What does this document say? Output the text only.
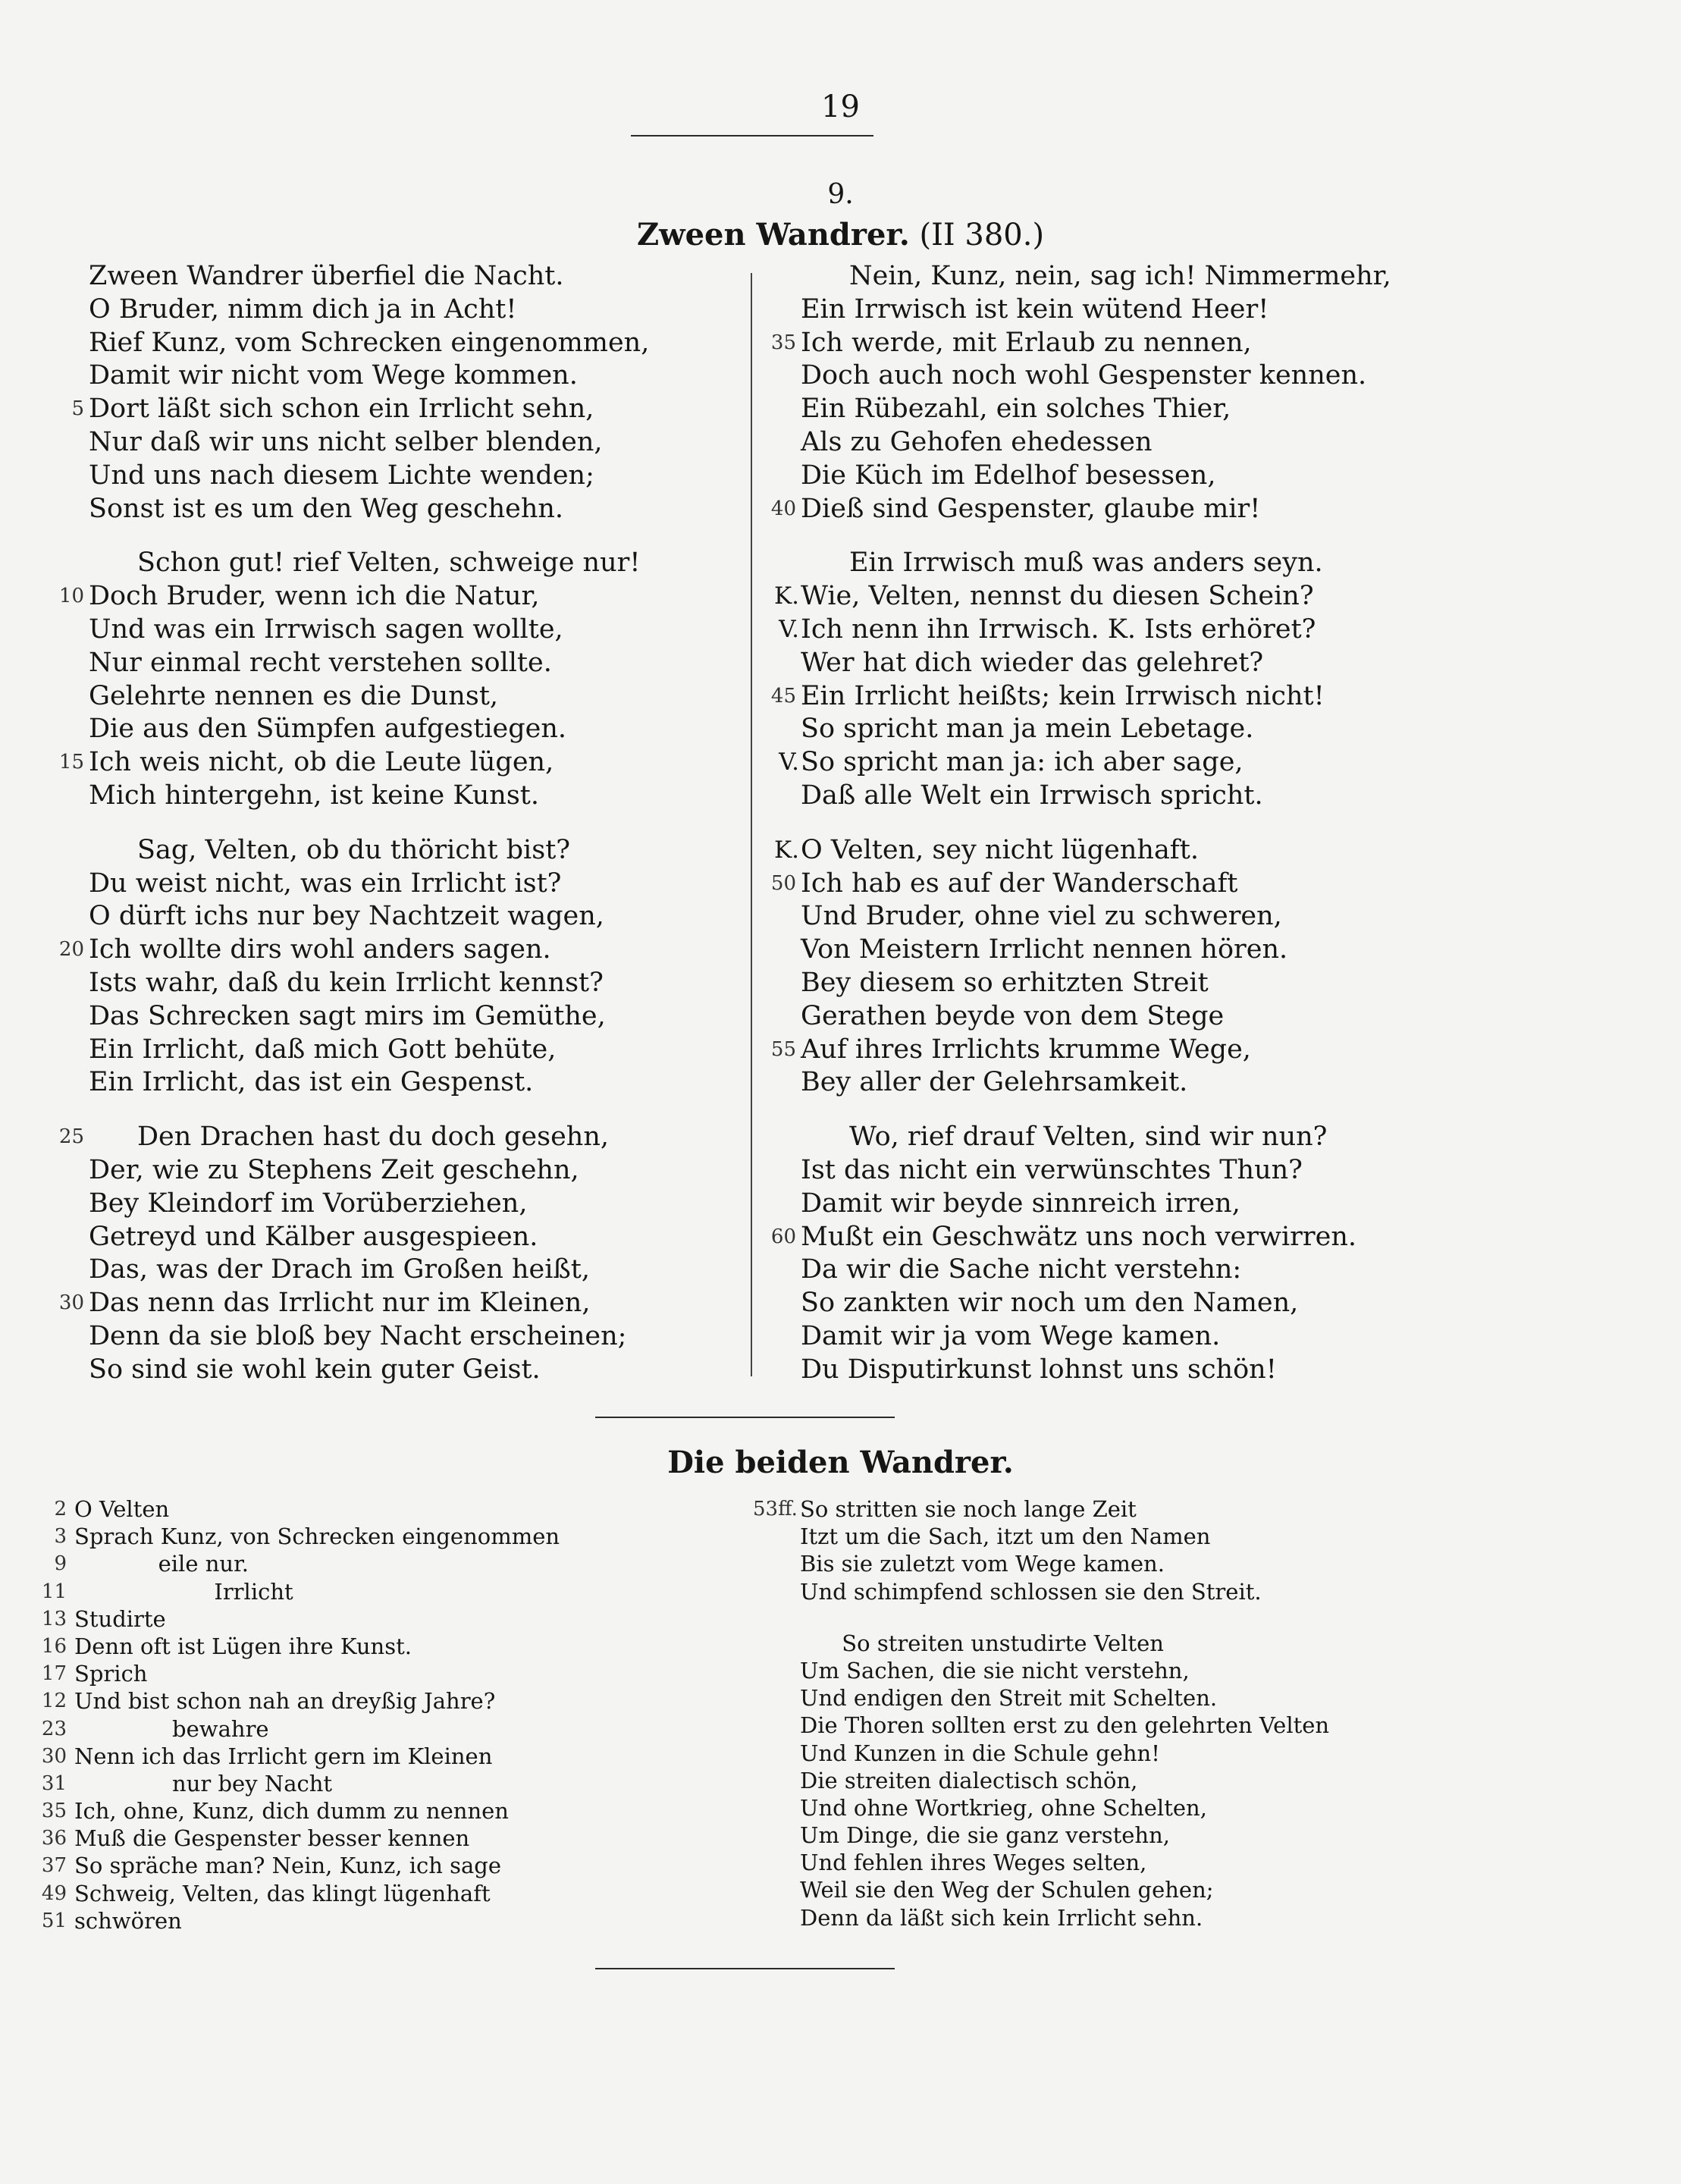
19
9.
Zween Wandrer. (II 380.)
Zween Wandrer überfiel die Nacht.
O Bruder, nimm dich ja in Acht!
Rief Kunz, vom Schrecken eingenommen,
Damit wir nicht vom Wege kommen.
5 Dort läßt sich schon ein Irrlicht sehn,
Nur daß wir uns nicht selber blenden,
Und uns nach diesem Lichte wenden;
Sonst ist es um den Weg geschehn.
Schon gut! rief Velten, schweige nur!
10 Doch Bruder, wenn ich die Natur,
Und was ein Irrwisch sagen wollte,
Nur einmal recht verstehen sollte.
Gelehrte nennen es die Dunst,
Die aus den Sümpfen aufgestiegen.
15 Ich weis nicht, ob die Leute lügen,
Mich hintergehn, ist keine Kunst.
Sag, Velten, ob du thöricht bist?
Du weist nicht, was ein Irrlicht ist?
O dürft ichs nur bey Nachtzeit wagen,
20 Ich wollte dirs wohl anders sagen.
Ists wahr, daß du kein Irrlicht kennst?
Das Schrecken sagt mirs im Gemüthe,
Ein Irrlicht, daß mich Gott behüte,
Ein Irrlicht, das ist ein Gespenst.
25 Den Drachen hast du doch gesehn,
Der, wie zu Stephens Zeit geschehn,
Bey Kleindorf im Vorüberziehen,
Getreyd und Kälber ausgespieen.
Das, was der Drach im Großen heißt,
30 Das nenn das Irrlicht nur im Kleinen,
Denn da sie bloß bey Nacht erscheinen;
So sind sie wohl kein guter Geist.
Nein, Kunz, nein, sag ich! Nimmermehr,
Ein Irrwisch ist kein wütend Heer!
35 Ich werde, mit Erlaub zu nennen,
Doch auch noch wohl Gespenster kennen.
Ein Rübezahl, ein solches Thier,
Als zu Gehofen ehedessen
Die Küch im Edelhof besessen,
40 Dieß sind Gespenster, glaube mir!
Ein Irrwisch muß was anders seyn.
K. Wie, Velten, nennst du diesen Schein?
V. Ich nenn ihn Irrwisch. K. Ists erhöret?
Wer hat dich wieder das gelehret?
45 Ein Irrlicht heißts; kein Irrwisch nicht!
So spricht man ja mein Lebetage.
V. So spricht man ja: ich aber sage,
Daß alle Welt ein Irrwisch spricht.
K. O Velten, sey nicht lügenhaft.
50 Ich hab es auf der Wanderschaft
Und Bruder, ohne viel zu schweren,
Von Meistern Irrlicht nennen hören.
Bey diesem so erhitzten Streit
Gerathen beyde von dem Stege
55 Auf ihres Irrlichts krumme Wege,
Bey aller der Gelehrsamkeit.
Wo, rief drauf Velten, sind wir nun?
Ist das nicht ein verwünschtes Thun?
Damit wir beyde sinnreich irren,
60 Mußt ein Geschwätz uns noch verwirren.
Da wir die Sache nicht verstehn:
So zankten wir noch um den Namen,
Damit wir ja vom Wege kamen.
Du Disputirkunst lohnst uns schön!
Die beiden Wandrer.
2 O Velten
3 Sprach Kunz, von Schrecken eingenommen
9 eile nur.
11 Irrlicht
13 Studirte
16 Denn oft ist Lügen ihre Kunst.
17 Sprich
12 Und bist schon nah an dreyßig Jahre?
23 bewahre
30 Nenn ich das Irrlicht gern im Kleinen
31 nur bey Nacht
35 Ich, ohne, Kunz, dich dumm zu nennen
36 Muß die Gespenster besser kennen
37 So spräche man? Nein, Kunz, ich sage
49 Schweig, Velten, das klingt lügenhaft
51 schwören
53ff. So stritten sie noch lange Zeit
Itzt um die Sach, itzt um den Namen
Bis sie zuletzt vom Wege kamen.
Und schimpfend schlossen sie den Streit.
So streiten unstudirte Velten
Um Sachen, die sie nicht verstehn,
Und endigen den Streit mit Schelten.
Die Thoren sollten erst zu den gelehrten Velten
Und Kunzen in die Schule gehn!
Die streiten dialectisch schön,
Und ohne Wortkrieg, ohne Schelten,
Um Dinge, die sie ganz verstehn,
Und fehlen ihres Weges selten,
Weil sie den Weg der Schulen gehen;
Denn da läßt sich kein Irrlicht sehn.
